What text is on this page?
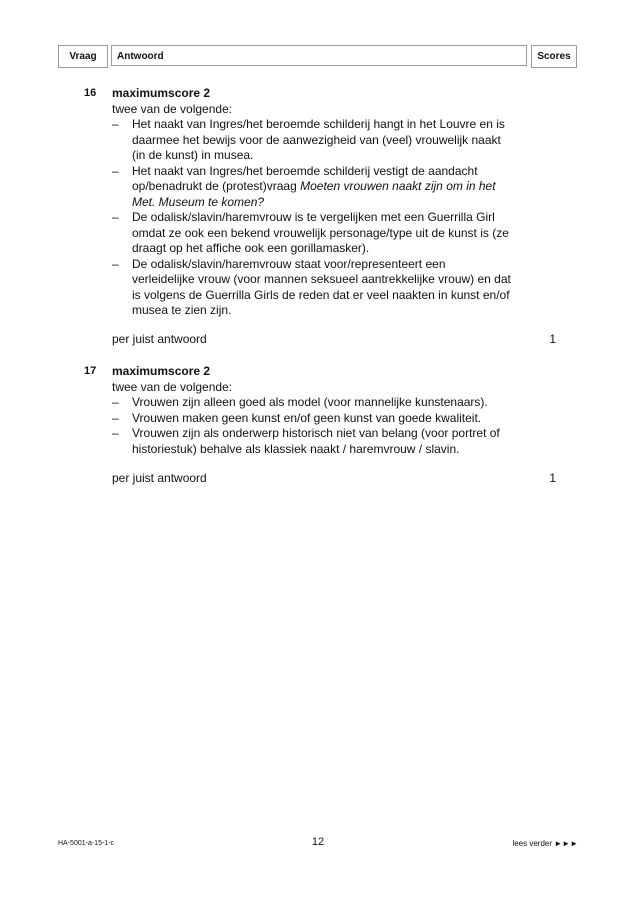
Vraag	Antwoord	Scores
16 maximumscore 2
twee van de volgende:
– Het naakt van Ingres/het beroemde schilderij hangt in het Louvre en is
daarmee het bewijs voor de aanwezigheid van (veel) vrouwelijk naakt
(in de kunst) in musea.
– Het naakt van Ingres/het beroemde schilderij vestigt de aandacht
op/benadrukt de (protest)vraag Moeten vrouwen naakt zijn om in het
Met. Museum te komen?
– De odalisk/slavin/haremvrouw is te vergelijken met een Guerrilla Girl
omdat ze ook een bekend vrouwelijk personage/type uit de kunst is (ze
draagt op het affiche ook een gorillamasker).
– De odalisk/slavin/haremvrouw staat voor/representeert een
verleidelijke vrouw (voor mannen seksueel aantrekkelijke vrouw) en dat
is volgens de Guerrilla Girls de reden dat er veel naakten in kunst en/of
musea te zien zijn.
per juist antwoord	1
17 maximumscore 2
twee van de volgende:
– Vrouwen zijn alleen goed als model (voor mannelijke kunstenaars).
– Vrouwen maken geen kunst en/of geen kunst van goede kwaliteit.
– Vrouwen zijn als onderwerp historisch niet van belang (voor portret of
historiestuk) behalve als klassiek naakt / haremvrouw / slavin.
per juist antwoord	1
HA-5001-a-15-1-c	12	lees verder ►►►
